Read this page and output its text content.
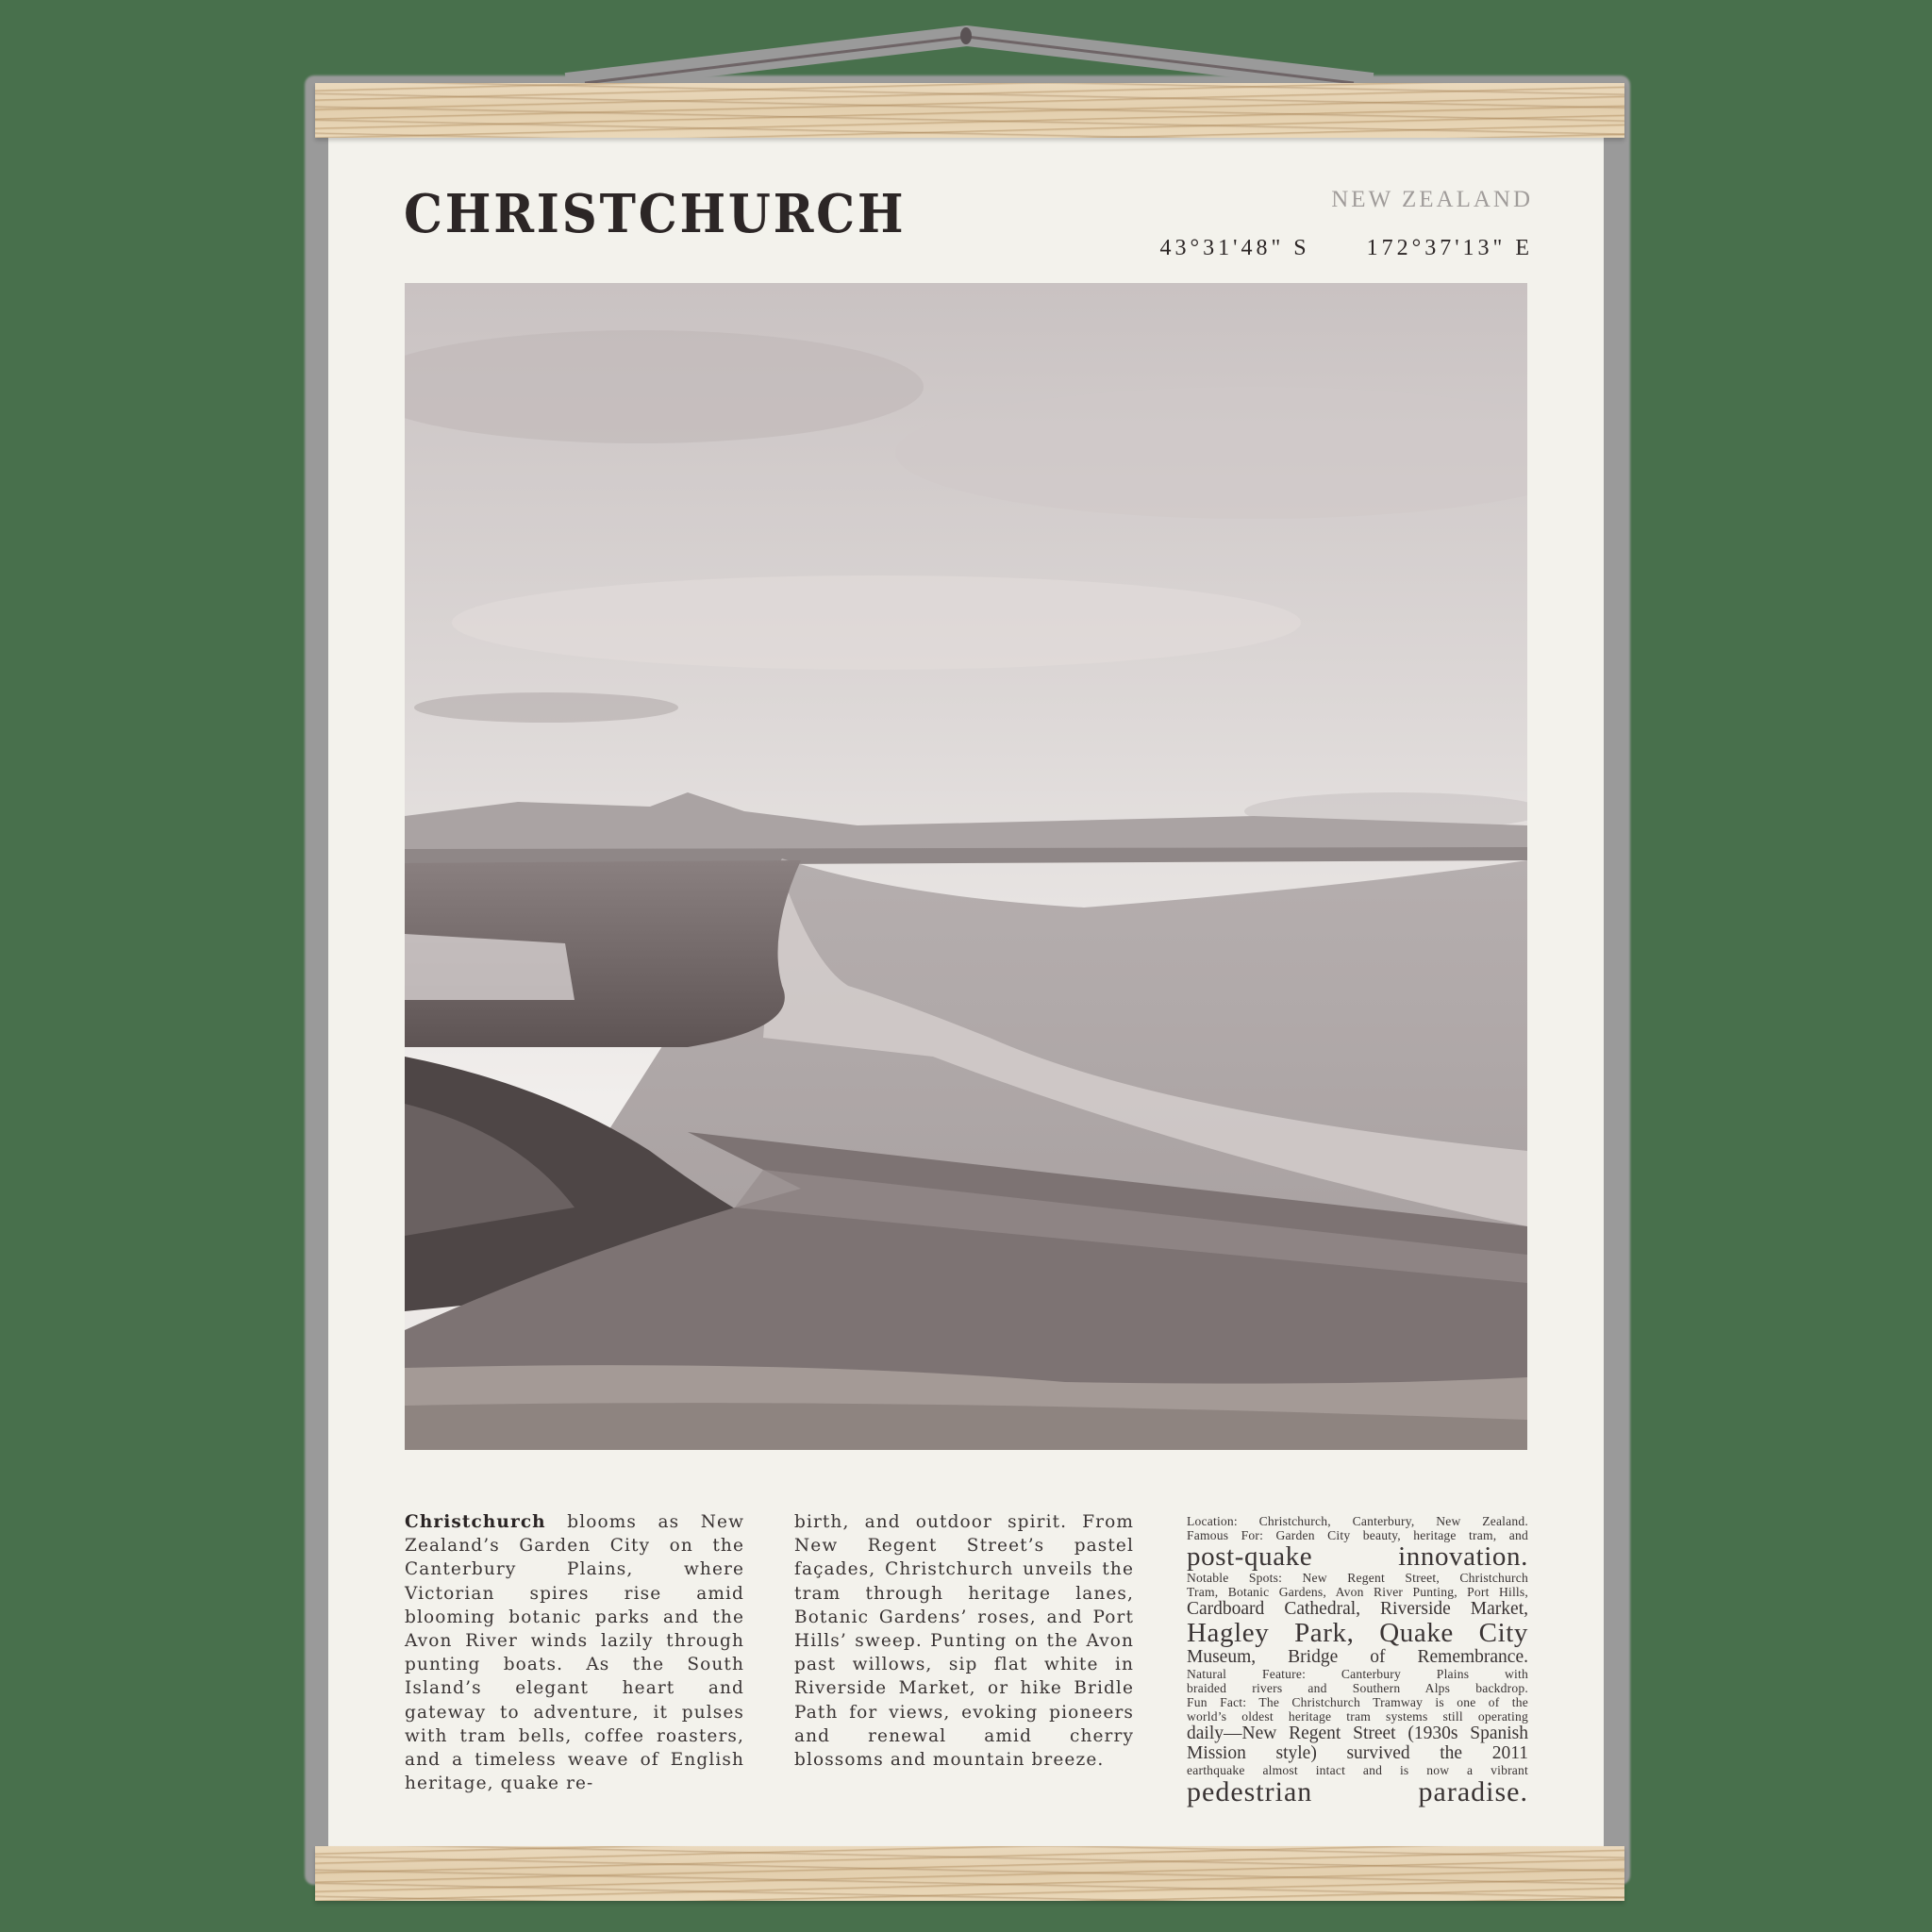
CHRISTCHURCH	NEW ZEALAND
43°31'48" S	172°37'13" E
Christchurch blooms as New Zealand’s Garden City on the Canterbury Plains, where Victorian spires rise amid blooming botanic parks and the Avon River winds lazily through punting boats. As the South Island’s elegant heart and gateway to adventure, it pulses with tram bells, coffee roasters, and a timeless weave of English heritage, quake re-
birth, and outdoor spirit. From New Regent Street’s pastel façades, Christchurch unveils the tram through heritage lanes, Botanic Gardens’ roses, and Port Hills’ sweep. Punting on the Avon past willows, sip flat white in Riverside Market, or hike Bridle Path for views, evoking pioneers and renewal amid cherry blossoms and mountain breeze.
Location: Christchurch, Canterbury, New Zealand.
Famous For: Garden City beauty, heritage tram, and
post-quake innovation.
Notable Spots: New Regent Street, Christchurch
Tram, Botanic Gardens, Avon River Punting, Port Hills,
Cardboard Cathedral, Riverside Market,
Hagley Park, Quake City
Museum, Bridge of Remembrance.
Natural Feature: Canterbury Plains with
braided rivers and Southern Alps backdrop.
Fun Fact: The Christchurch Tramway is one of the
world’s oldest heritage tram systems still operating
daily—New Regent Street (1930s Spanish
Mission style) survived the 2011
earthquake almost intact and is now a vibrant
pedestrian paradise.
